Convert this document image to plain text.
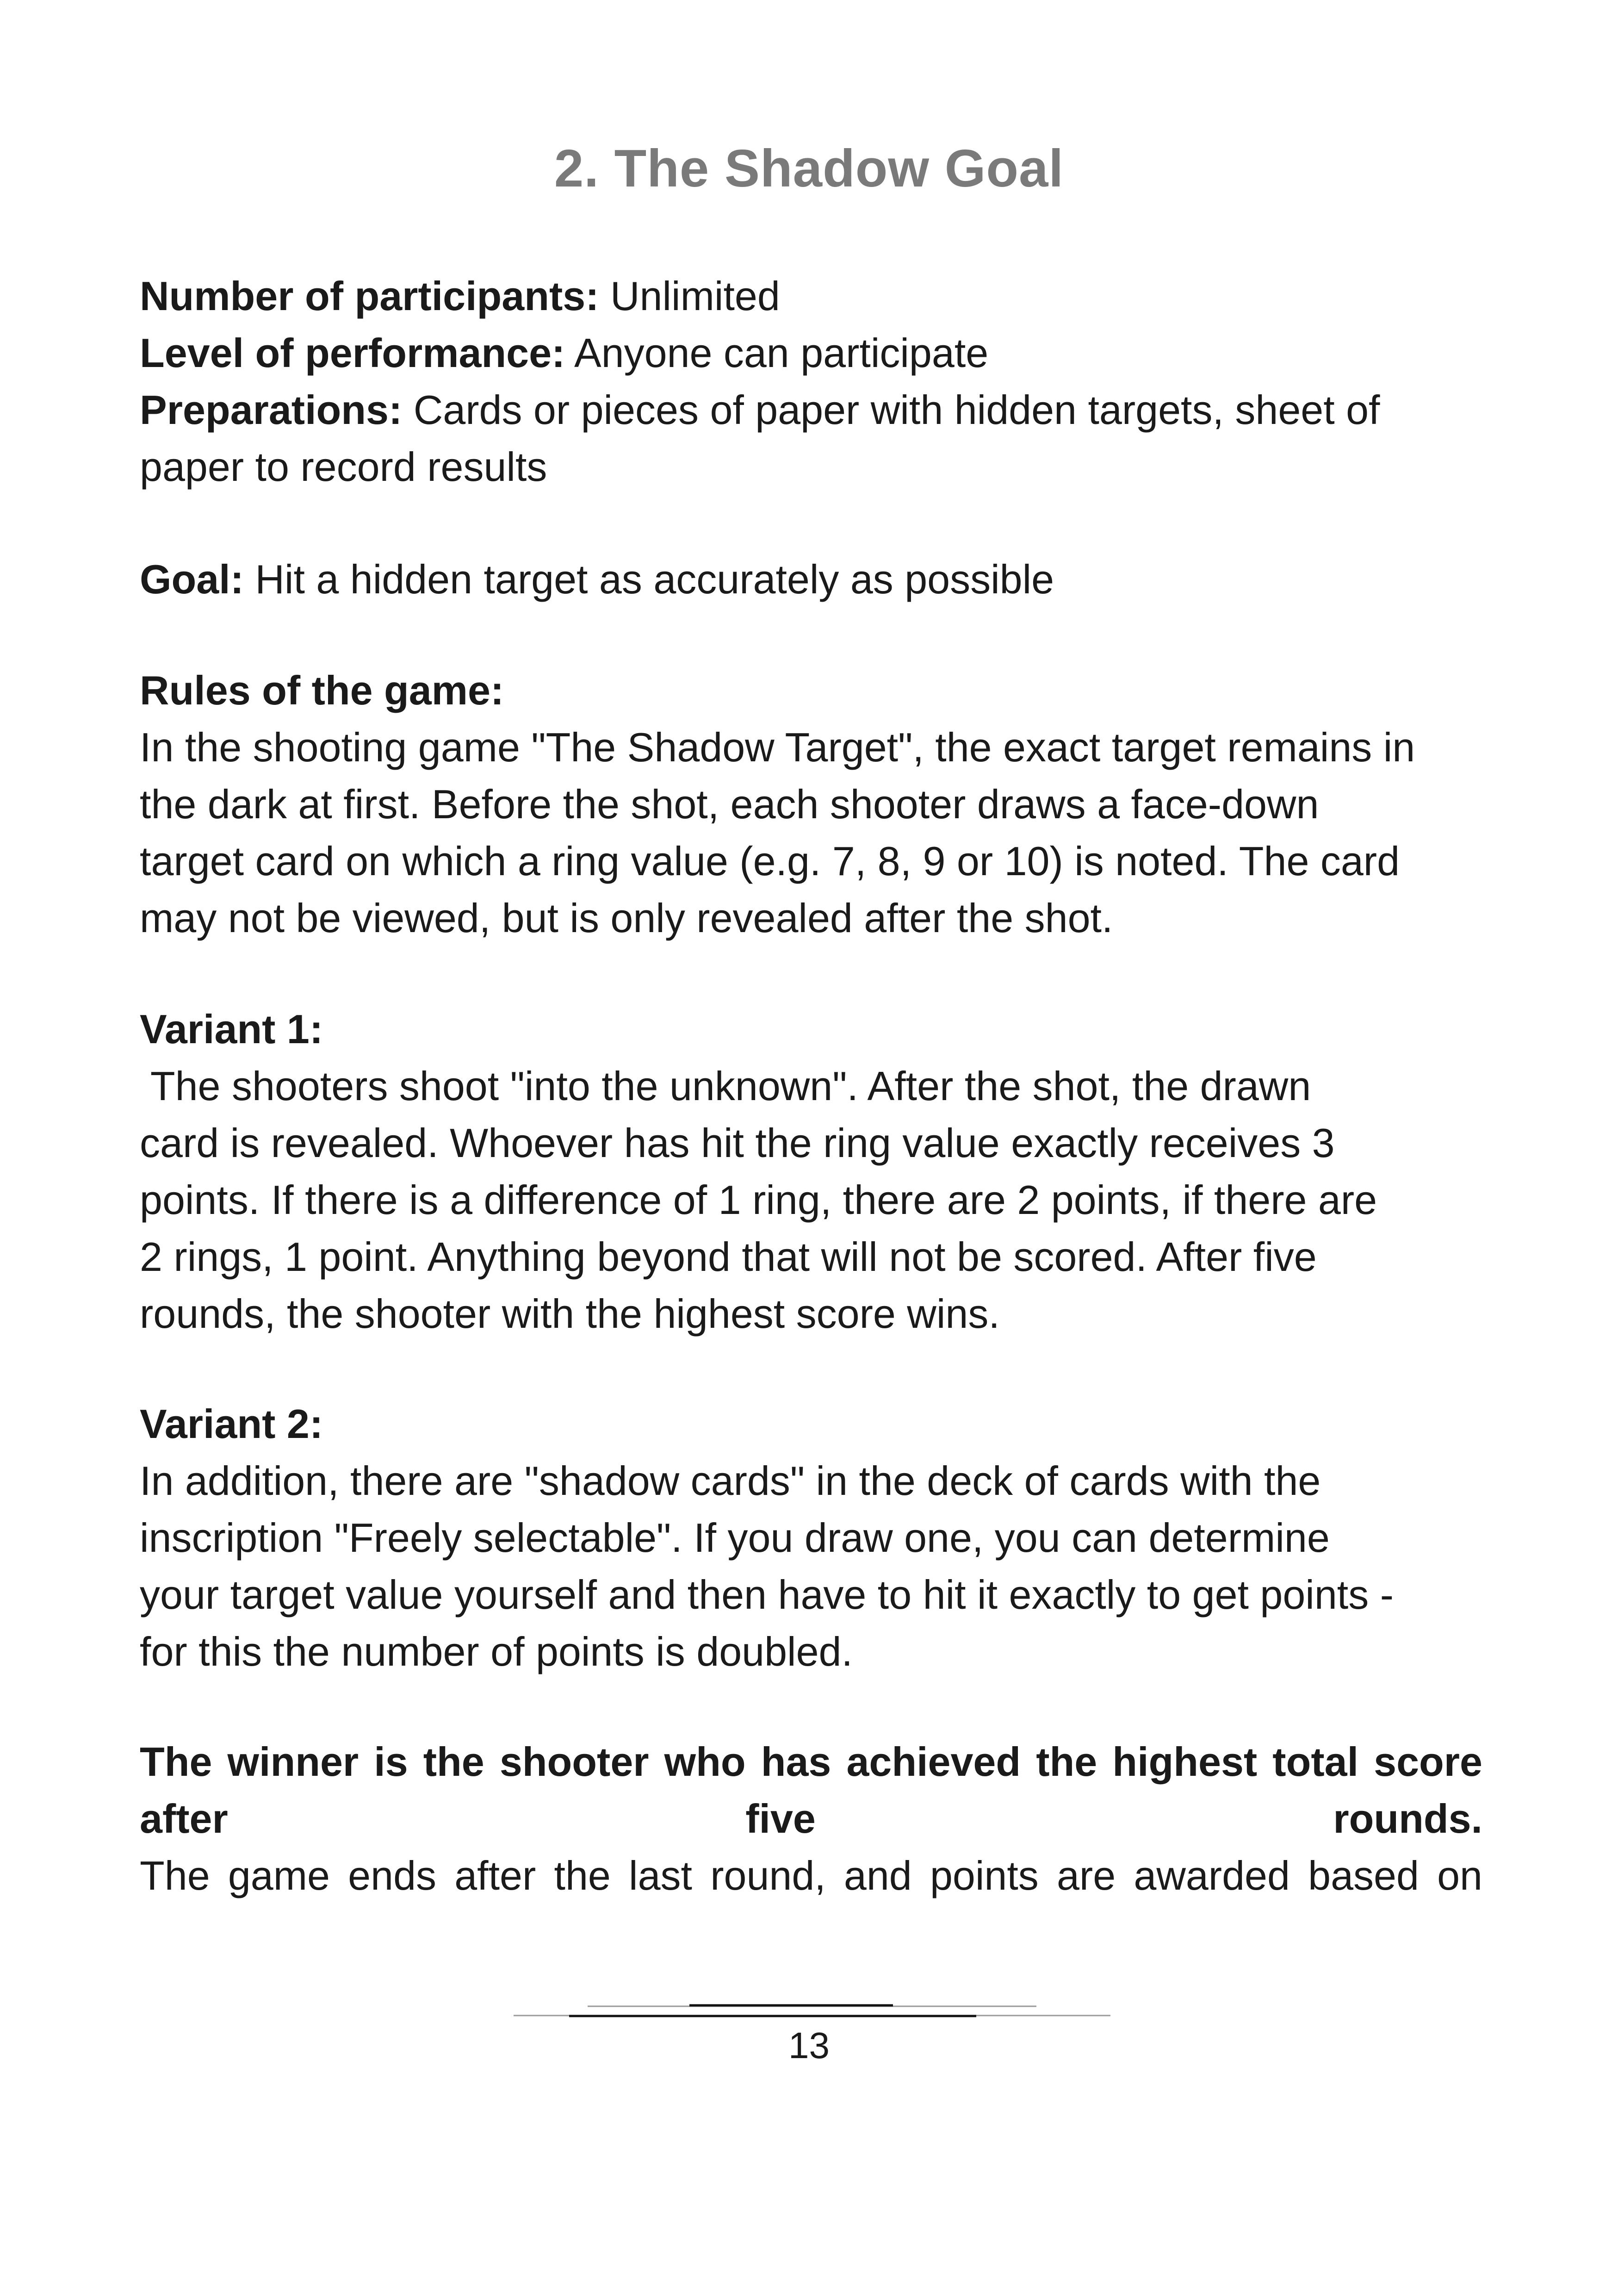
2. The Shadow Goal

Number of participants: Unlimited

Level of performance: Anyone can participate

Preparations: Cards or pieces of paper with hidden targets, sheet of

paper to record results

Goal: Hit a hidden target as accurately as possible

Rules of the game:

In the shooting game "The Shadow Target", the exact target remains in

the dark at first. Before the shot, each shooter draws a face-down

target card on which a ring value (e.g. 7, 8, 9 or 10) is noted. The card

may not be viewed, but is only revealed after the shot.

Variant 1:

The shooters shoot "into the unknown". After the shot, the drawn

card is revealed. Whoever has hit the ring value exactly receives 3

points. If there is a difference of 1 ring, there are 2 points, if there are

2 rings, 1 point. Anything beyond that will not be scored. After five

rounds, the shooter with the highest score wins.

Variant 2:

In addition, there are "shadow cards" in the deck of cards with the

inscription "Freely selectable". If you draw one, you can determine

your target value yourself and then have to hit it exactly to get points -

for this the number of points is doubled.

The winner is the shooter who has achieved the highest total score

after	five	rounds.

The game ends after the last round, and points are awarded based on

13
